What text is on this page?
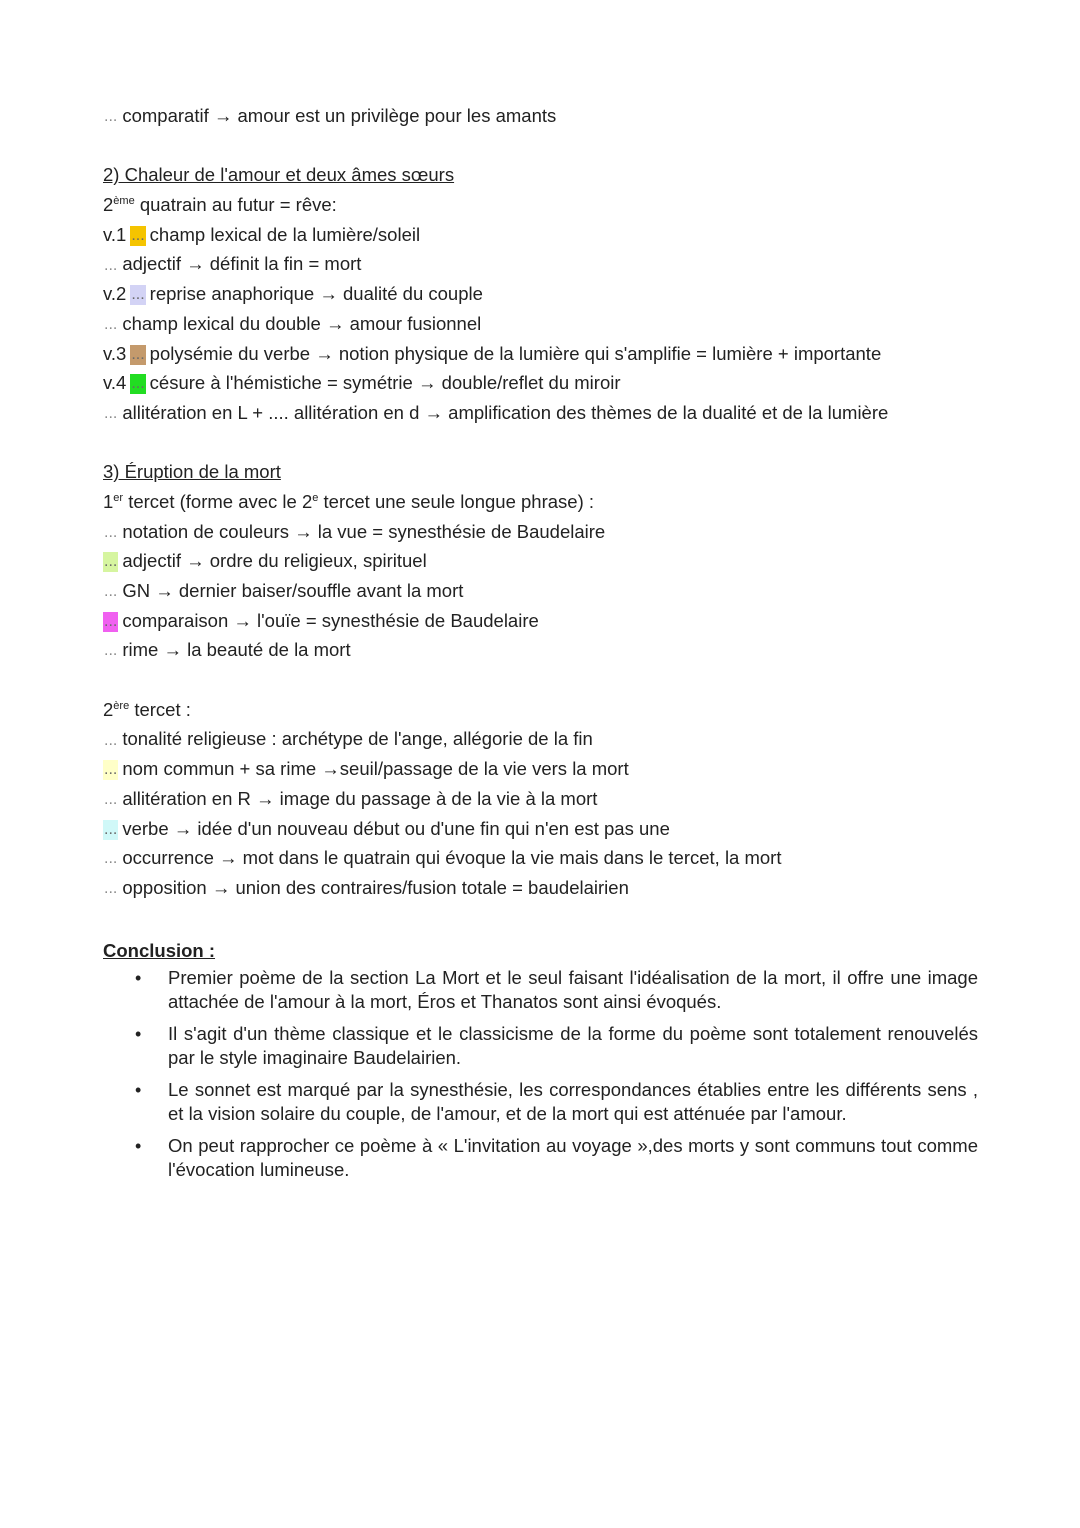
... comparatif → amour est un privilège pour les amants
2) Chaleur de l'amour et deux âmes sœurs
2ème quatrain au futur = rêve:
v.1 ... champ lexical de la lumière/soleil
... adjectif → définit la fin = mort
v.2 ... reprise anaphorique → dualité du couple
... champ lexical du double → amour fusionnel
v.3 ... polysémie du verbe → notion physique de la lumière qui s'amplifie = lumière + importante
v.4 ... césure à l'hémistiche = symétrie → double/reflet du miroir
... allitération en L + .... allitération en d → amplification des thèmes de la dualité et de la lumière
3) Éruption de la mort
1er tercet (forme avec le 2e tercet une seule longue phrase) :
... notation de couleurs → la vue = synesthésie de Baudelaire
... adjectif → ordre du religieux, spirituel
... GN → dernier baiser/souffle avant la mort
... comparaison → l'ouïe = synesthésie de Baudelaire
... rime → la beauté de la mort
2ère tercet :
... tonalité religieuse : archétype de l'ange, allégorie de la fin
... nom commun + sa rime →seuil/passage de la vie vers la mort
... allitération en R → image du passage à de la vie à la mort
... verbe → idée d'un nouveau début ou d'une fin qui n'en est pas une
... occurrence → mot dans le quatrain qui évoque la vie mais dans le tercet, la mort
... opposition → union des contraires/fusion totale = baudelairien
Conclusion :
• Premier poème de la section La Mort et le seul faisant l'idéalisation de la mort, il offre une image attachée de l'amour à la mort, Éros et Thanatos sont ainsi évoqués.
• Il s'agit d'un thème classique et le classicisme de la forme du poème sont totalement renouvelés par le style imaginaire Baudelairien.
• Le sonnet est marqué par la synesthésie, les correspondances établies entre les différents sens , et la vision solaire du couple, de l'amour, et de la mort qui est atténuée par l'amour.
• On peut rapprocher ce poème à « L'invitation au voyage »,des morts y sont communs tout comme l'évocation lumineuse.
